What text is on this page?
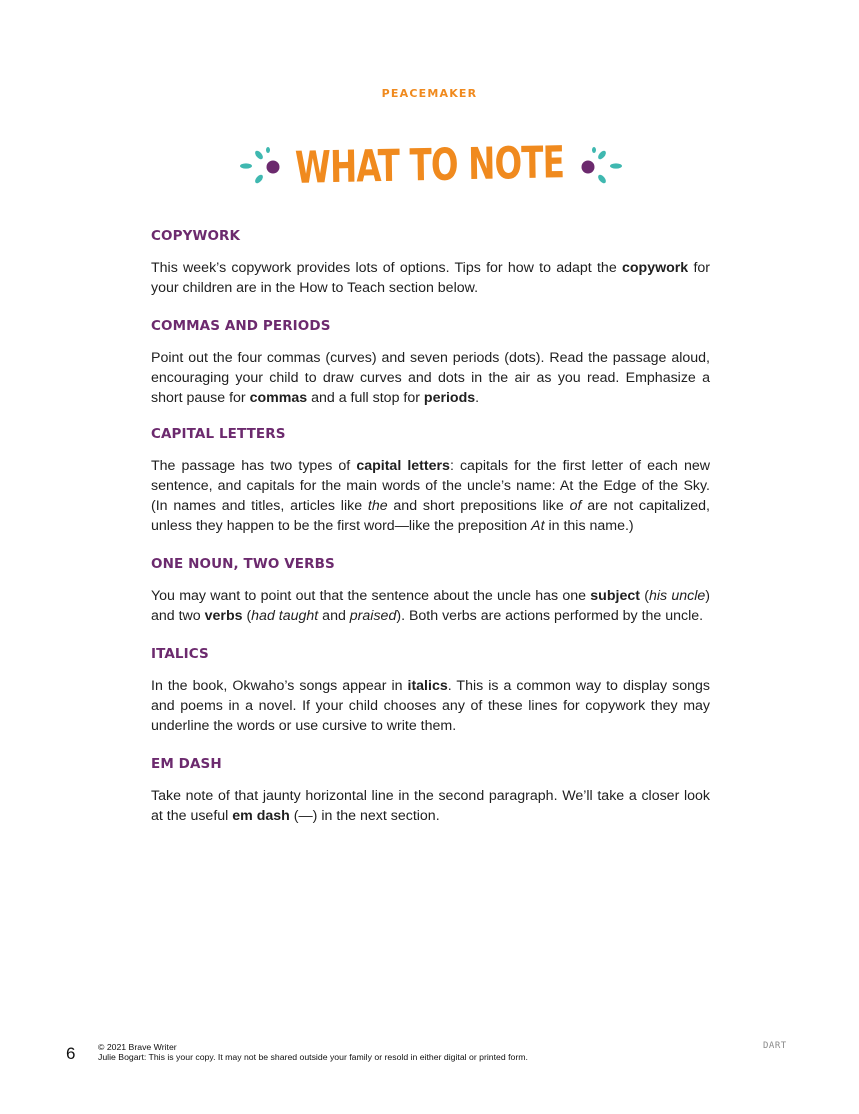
PEACEMAKER
WHAT TO NOTE
COPYWORK

This week’s copywork provides lots of options. Tips for how to adapt the copywork for your children are in the How to Teach section below.

COMMAS AND PERIODS

Point out the four commas (curves) and seven periods (dots). Read the passage aloud, encouraging your child to draw curves and dots in the air as you read. Emphasize a short pause for commas and a full stop for periods.

CAPITAL LETTERS

The passage has two types of capital letters: capitals for the first letter of each new sentence, and capitals for the main words of the uncle’s name: At the Edge of the Sky. (In names and titles, articles like the and short prepositions like of are not capitalized, unless they happen to be the first word—like the preposition At in this name.)

ONE NOUN, TWO VERBS

You may want to point out that the sentence about the uncle has one subject (his uncle) and two verbs (had taught and praised). Both verbs are actions performed by the uncle.

ITALICS

In the book, Okwaho’s songs appear in italics. This is a common way to display songs and poems in a novel. If your child chooses any of these lines for copywork they may underline the words or use cursive to write them.

EM DASH

Take note of that jaunty horizontal line in the second paragraph. We’ll take a closer look at the useful em dash (—) in the next section.

6	© 2021 Brave Writer
Julie Bogart: This is your copy. It may not be shared outside your family or resold in either digital or printed form.
DART
